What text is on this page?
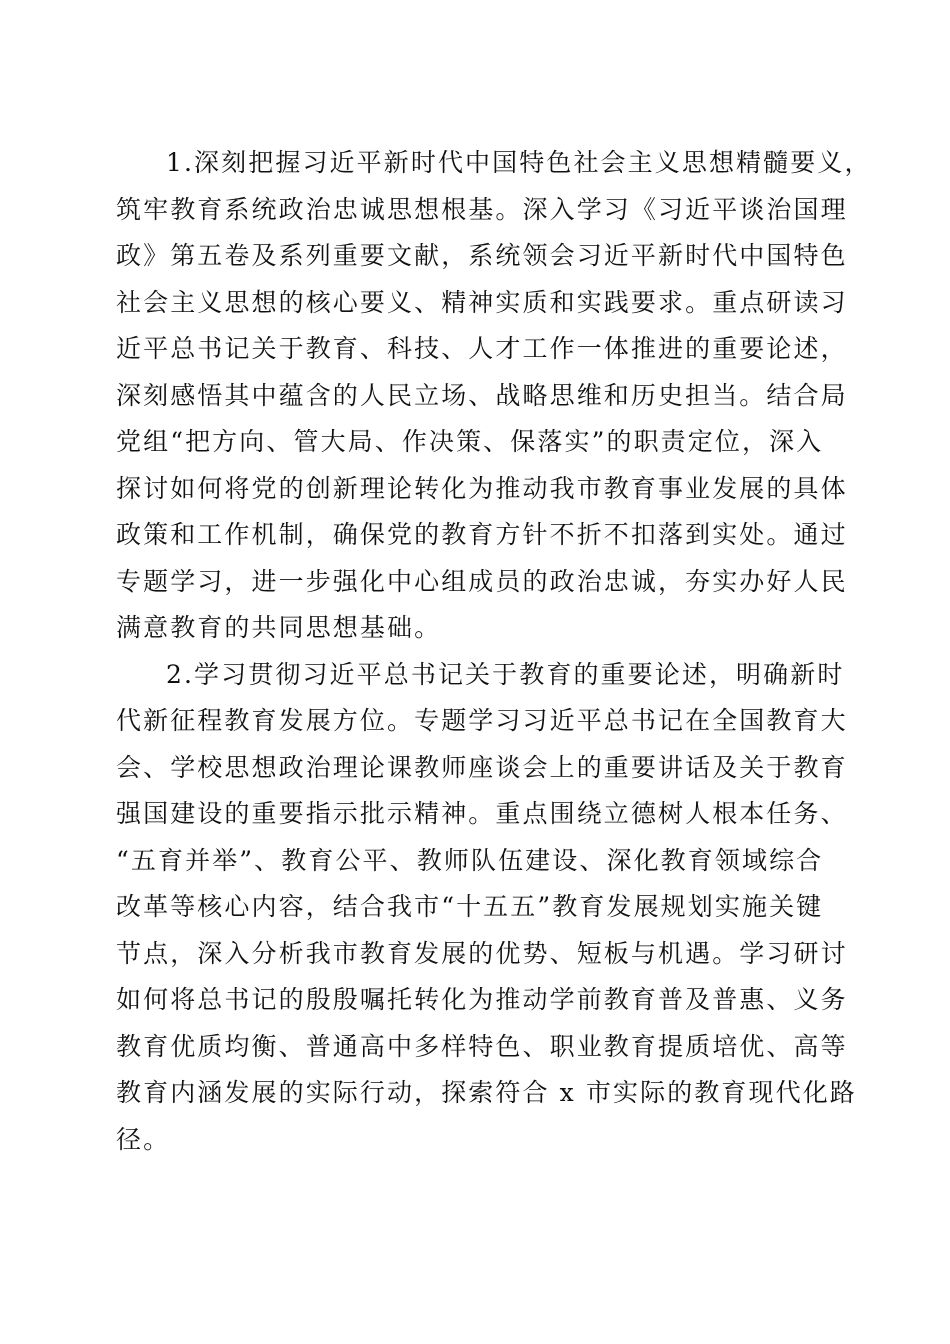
1.深刻把握习近平新时代中国特色社会主义思想精髓要义，
筑牢教育系统政治忠诚思想根基。深入学习《习近平谈治国理
政》第五卷及系列重要文献，系统领会习近平新时代中国特色
社会主义思想的核心要义、精神实质和实践要求。重点研读习
近平总书记关于教育、科技、人才工作一体推进的重要论述，
深刻感悟其中蕴含的人民立场、战略思维和历史担当。结合局
党组“把方向、管大局、作决策、保落实”的职责定位，深入
探讨如何将党的创新理论转化为推动我市教育事业发展的具体
政策和工作机制，确保党的教育方针不折不扣落到实处。通过
专题学习，进一步强化中心组成员的政治忠诚，夯实办好人民
满意教育的共同思想基础。
2.学习贯彻习近平总书记关于教育的重要论述，明确新时
代新征程教育发展方位。专题学习习近平总书记在全国教育大
会、学校思想政治理论课教师座谈会上的重要讲话及关于教育
强国建设的重要指示批示精神。重点围绕立德树人根本任务、
“五育并举”、教育公平、教师队伍建设、深化教育领域综合
改革等核心内容，结合我市“十五五”教育发展规划实施关键
节点，深入分析我市教育发展的优势、短板与机遇。学习研讨
如何将总书记的殷殷嘱托转化为推动学前教育普及普惠、义务
教育优质均衡、普通高中多样特色、职业教育提质培优、高等
教育内涵发展的实际行动，探索符合 x 市实际的教育现代化路
径。
